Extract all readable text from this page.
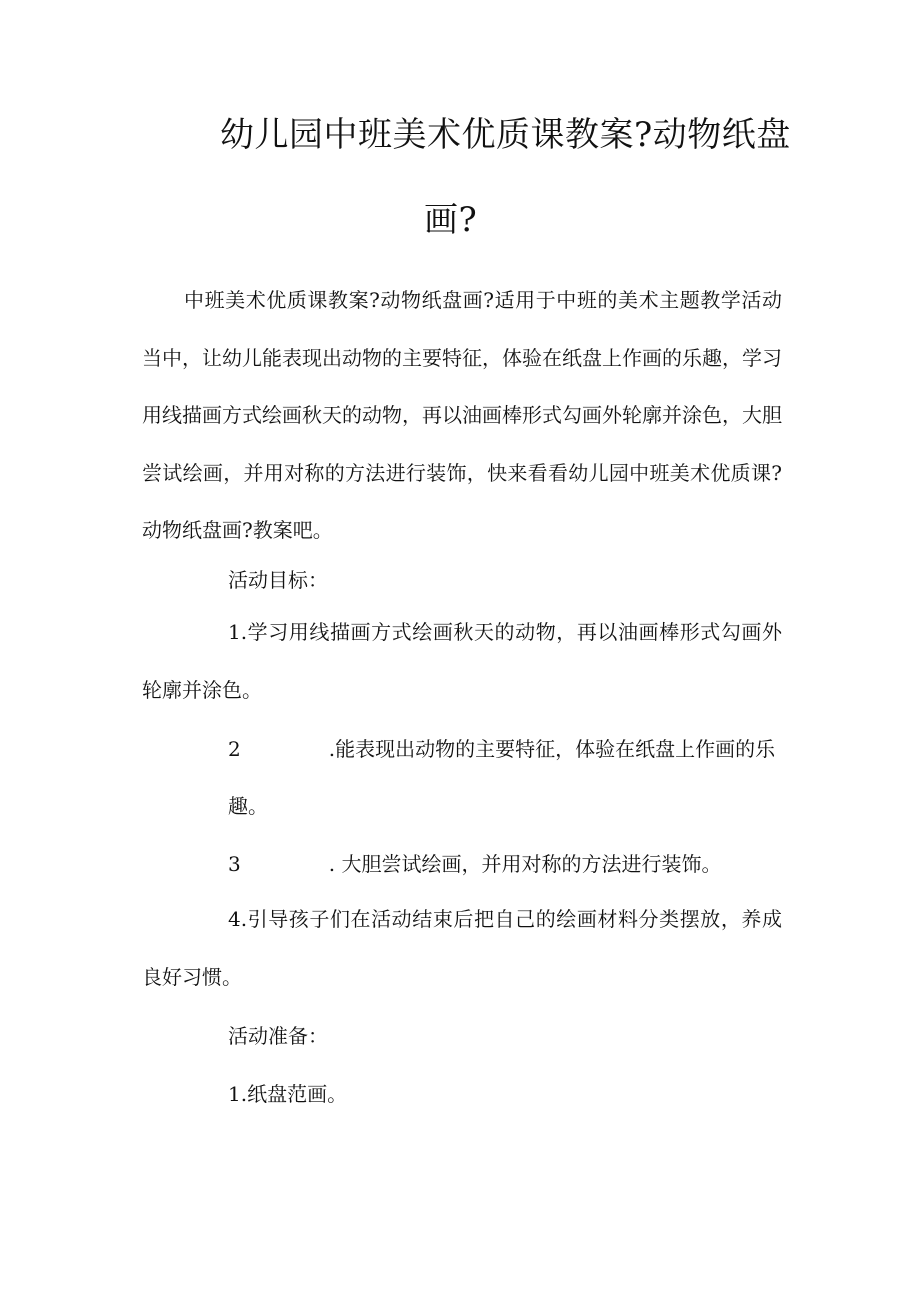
幼儿园中班美术优质课教案?动物纸盘
画?

中班美术优质课教案?动物纸盘画?适用于中班的美术主题教学活动当中，让幼儿能表现出动物的主要特征，体验在纸盘上作画的乐趣，学习用线描画方式绘画秋天的动物，再以油画棒形式勾画外轮廓并涂色，大胆尝试绘画，并用对称的方法进行装饰，快来看看幼儿园中班美术优质课?动物纸盘画?教案吧。

活动目标：

1.学习用线描画方式绘画秋天的动物，再以油画棒形式勾画外轮廓并涂色。

2	.能表现出动物的主要特征，体验在纸盘上作画的乐
趣。
3	. 大胆尝试绘画，并用对称的方法进行装饰。

4.引导孩子们在活动结束后把自己的绘画材料分类摆放，养成良好习惯。

活动准备：
1.纸盘范画。
